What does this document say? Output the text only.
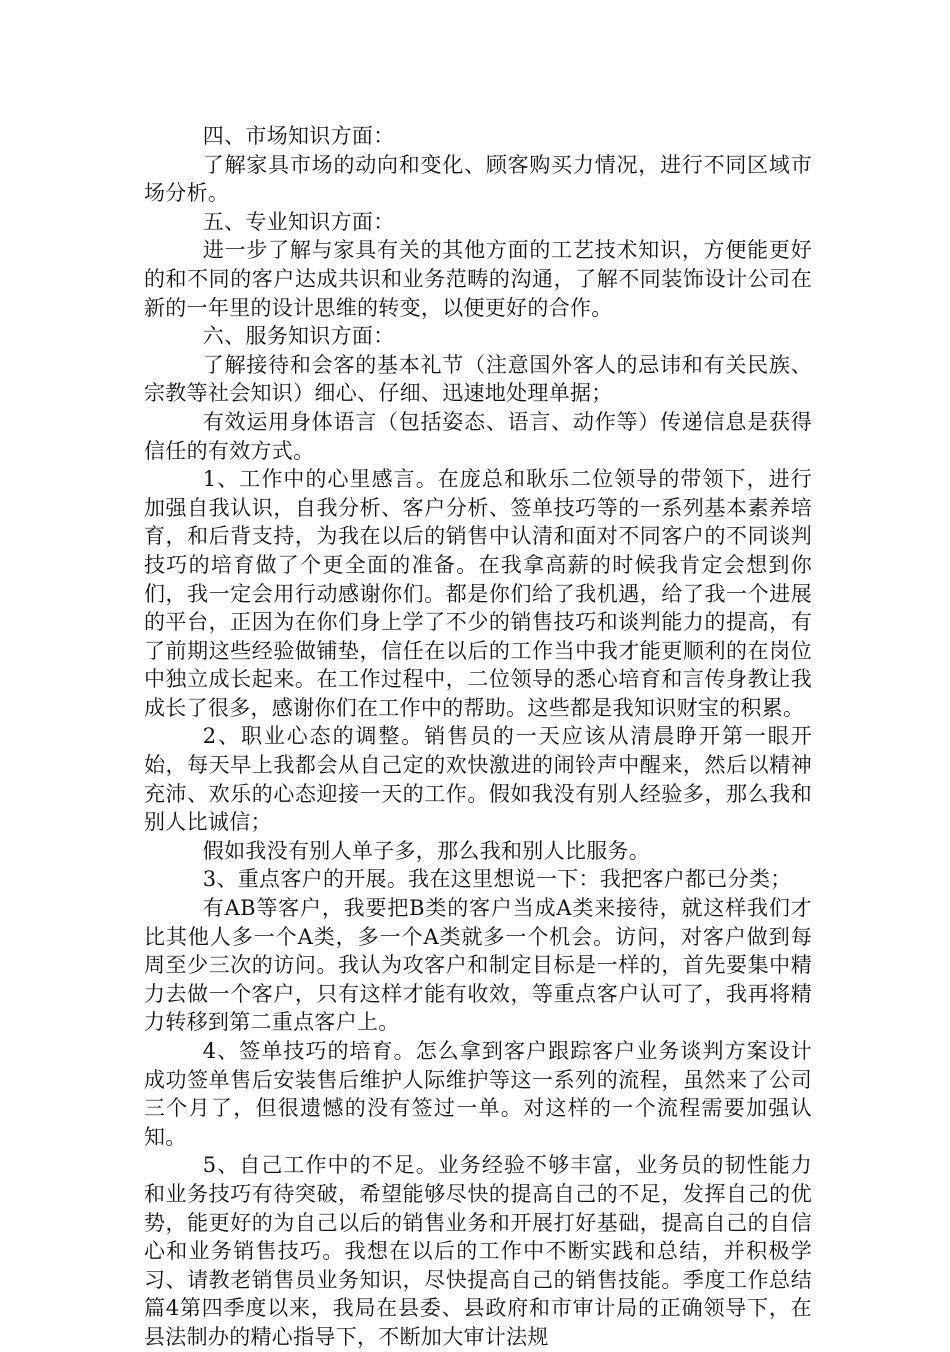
四、市场知识方面：

了解家具市场的动向和变化、顾客购买力情况，进行不同区域市场分析。

五、专业知识方面：

进一步了解与家具有关的其他方面的工艺技术知识，方便能更好的和不同的客户达成共识和业务范畴的沟通，了解不同装饰设计公司在新的一年里的设计思维的转变，以便更好的合作。

六、服务知识方面：

了解接待和会客的基本礼节（注意国外客人的忌讳和有关民族、宗教等社会知识）细心、仔细、迅速地处理单据；

有效运用身体语言（包括姿态、语言、动作等）传递信息是获得信任的有效方式。

1、工作中的心里感言。在庞总和耿乐二位领导的带领下，进行加强自我认识，自我分析、客户分析、签单技巧等的一系列基本素养培育，和后背支持，为我在以后的销售中认清和面对不同客户的不同谈判技巧的培育做了个更全面的准备。在我拿高薪的时候我肯定会想到你们，我一定会用行动感谢你们。都是你们给了我机遇，给了我一个进展的平台，正因为在你们身上学了不少的销售技巧和谈判能力的提高，有了前期这些经验做铺垫，信任在以后的工作当中我才能更顺利的在岗位中独立成长起来。在工作过程中，二位领导的悉心培育和言传身教让我成长了很多，感谢你们在工作中的帮助。这些都是我知识财宝的积累。

2、职业心态的调整。销售员的一天应该从清晨睁开第一眼开始，每天早上我都会从自己定的欢快激进的闹铃声中醒来，然后以精神充沛、欢乐的心态迎接一天的工作。假如我没有别人经验多，那么我和别人比诚信；

假如我没有别人单子多，那么我和别人比服务。

3、重点客户的开展。我在这里想说一下：我把客户都已分类；

有AB等客户，我要把B类的客户当成A类来接待，就这样我们才比其他人多一个A类，多一个A类就多一个机会。访问，对客户做到每周至少三次的访问。我认为攻客户和制定目标是一样的，首先要集中精力去做一个客户，只有这样才能有收效，等重点客户认可了，我再将精力转移到第二重点客户上。

4、签单技巧的培育。怎么拿到客户跟踪客户业务谈判方案设计成功签单售后安装售后维护人际维护等这一系列的流程，虽然来了公司三个月了，但很遗憾的没有签过一单。对这样的一个流程需要加强认知。

5、自己工作中的不足。业务经验不够丰富，业务员的韧性能力和业务技巧有待突破，希望能够尽快的提高自己的不足，发挥自己的优势，能更好的为自己以后的销售业务和开展打好基础，提高自己的自信心和业务销售技巧。我想在以后的工作中不断实践和总结，并积极学习、请教老销售员业务知识，尽快提高自己的销售技能。季度工作总结 篇4第四季度以来，我局在县委、县政府和市审计局的正确领导下，在县法制办的精心指导下，不断加大审计法规
